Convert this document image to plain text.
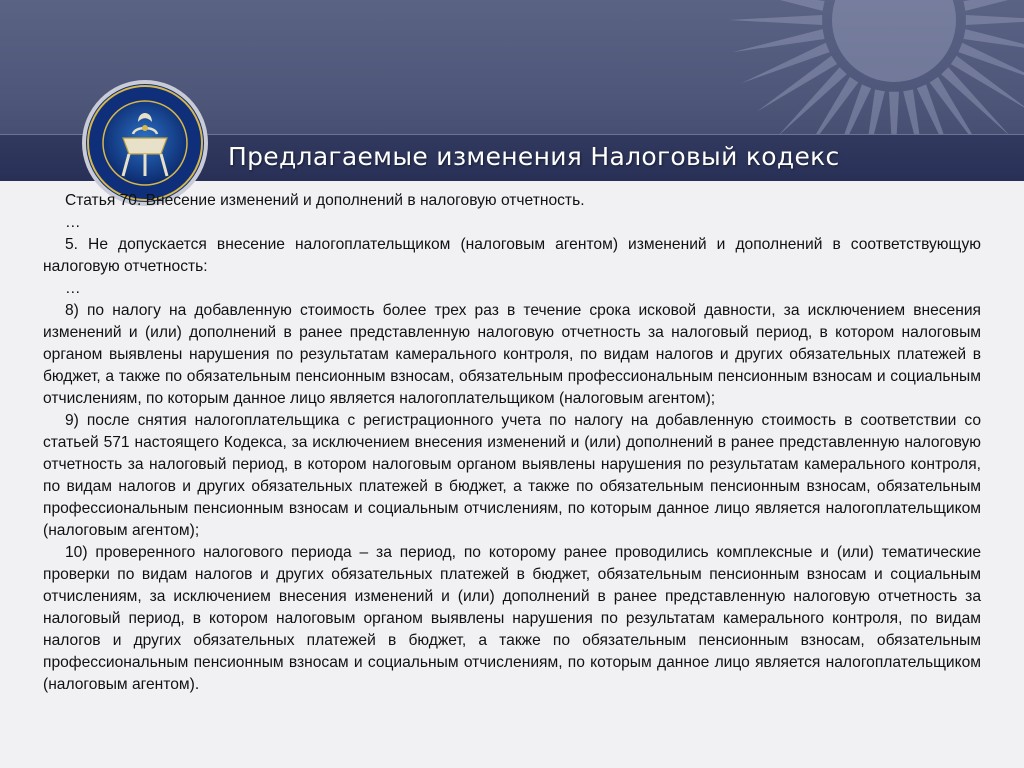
Предлагаемые изменения Налоговый кодекс

Статья 70. Внесение изменений и дополнений в налоговую отчетность.

…

5. Не допускается внесение налогоплательщиком (налоговым агентом) изменений и дополнений в соответствующую налоговую отчетность:

…

8) по налогу на добавленную стоимость более трех раз в течение срока исковой давности, за исключением внесения изменений и (или) дополнений в ранее представленную налоговую отчетность за налоговый период, в котором налоговым органом выявлены нарушения по результатам камерального контроля, по видам налогов и других обязательных платежей в бюджет, а также по обязательным пенсионным взносам, обязательным профессиональным пенсионным взносам и социальным отчислениям, по которым данное лицо является налогоплательщиком (налоговым агентом);

9) после снятия налогоплательщика с регистрационного учета по налогу на добавленную стоимость в соответствии со статьей 571 настоящего Кодекса, за исключением внесения изменений и (или) дополнений в ранее представленную налоговую отчетность за налоговый период, в котором налоговым органом выявлены нарушения по результатам камерального контроля, по видам налогов и других обязательных платежей в бюджет, а также по обязательным пенсионным взносам, обязательным профессиональным пенсионным взносам и социальным отчислениям, по которым данное лицо является налогоплательщиком (налоговым агентом);

10) проверенного налогового периода – за период, по которому ранее проводились комплексные и (или) тематические проверки по видам налогов и других обязательных платежей в бюджет, обязательным пенсионным взносам и социальным отчислениям, за исключением внесения изменений и (или) дополнений в ранее представленную налоговую отчетность за налоговый период, в котором налоговым органом выявлены нарушения по результатам камерального контроля, по видам налогов и других обязательных платежей в бюджет, а также по обязательным пенсионным взносам, обязательным профессиональным пенсионным взносам и социальным отчислениям, по которым данное лицо является налогоплательщиком (налоговым агентом).
